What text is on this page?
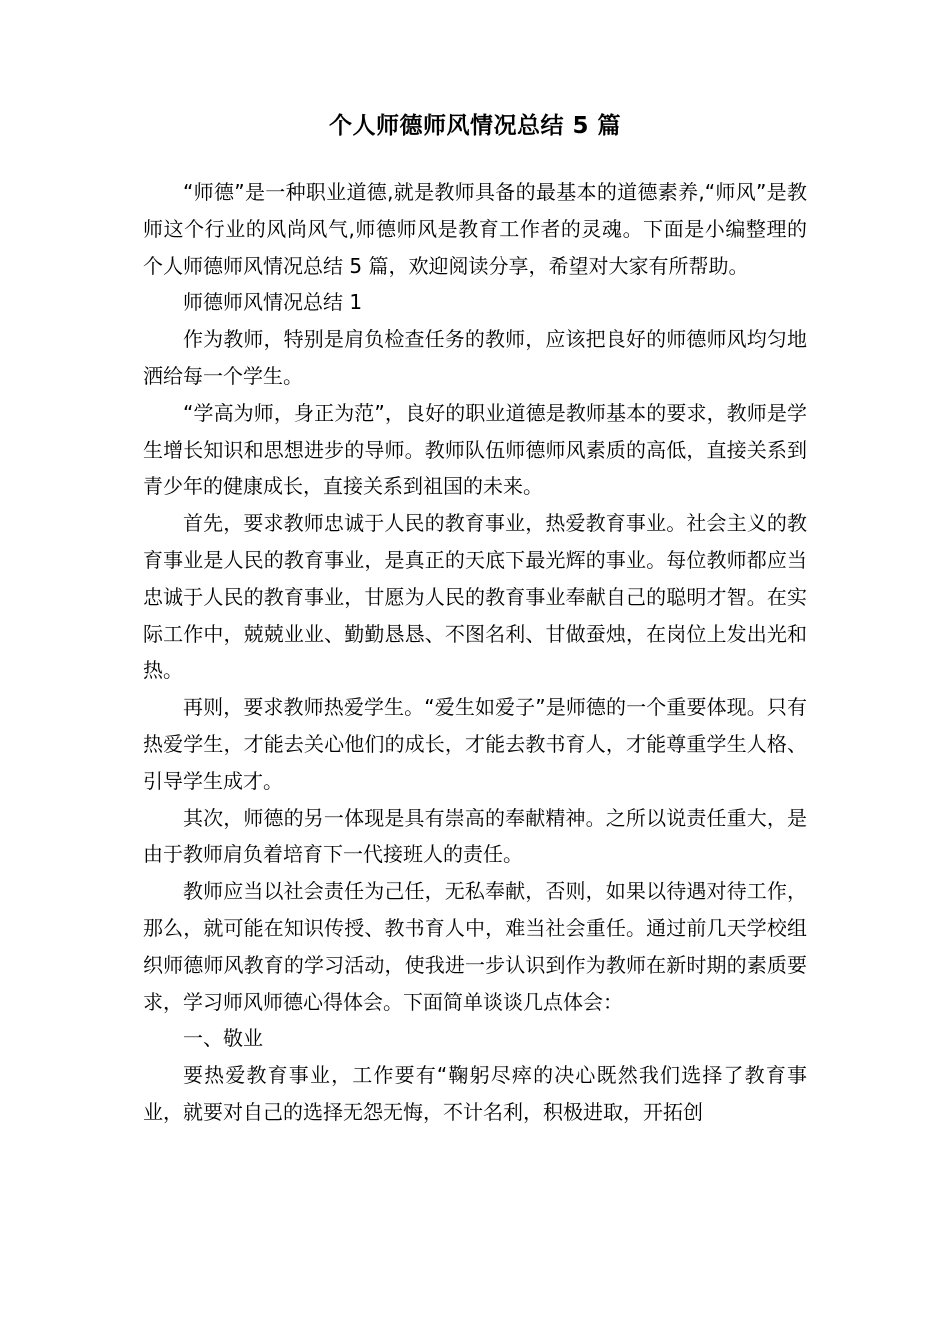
个人师德师风情况总结 5 篇

“师德”是一种职业道德,就是教师具备的最基本的道德素养,“师风”是教师这个行业的风尚风气,师德师风是教育工作者的灵魂。下面是小编整理的个人师德师风情况总结 5 篇，欢迎阅读分享，希望对大家有所帮助。

师德师风情况总结 1

作为教师，特别是肩负检查任务的教师，应该把良好的师德师风均匀地洒给每一个学生。

“学高为师，身正为范”，良好的职业道德是教师基本的要求，教师是学生增长知识和思想进步的导师。教师队伍师德师风素质的高低，直接关系到青少年的健康成长，直接关系到祖国的未来。

首先，要求教师忠诚于人民的教育事业，热爱教育事业。社会主义的教育事业是人民的教育事业，是真正的天底下最光辉的事业。每位教师都应当忠诚于人民的教育事业，甘愿为人民的教育事业奉献自己的聪明才智。在实际工作中，兢兢业业、勤勤恳恳、不图名利、甘做蚕烛，在岗位上发出光和热。

再则，要求教师热爱学生。“爱生如爱子”是师德的一个重要体现。只有热爱学生，才能去关心他们的成长，才能去教书育人，才能尊重学生人格、引导学生成才。

其次，师德的另一体现是具有崇高的奉献精神。之所以说责任重大，是由于教师肩负着培育下一代接班人的责任。

教师应当以社会责任为己任，无私奉献，否则，如果以待遇对待工作，那么，就可能在知识传授、教书育人中，难当社会重任。通过前几天学校组织师德师风教育的学习活动，使我进一步认识到作为教师在新时期的素质要求，学习师风师德心得体会。下面简单谈谈几点体会：

一、敬业

要热爱教育事业，工作要有“鞠躬尽瘁的决心既然我们选择了教育事业，就要对自己的选择无怨无悔，不计名利，积极进取，开拓创
